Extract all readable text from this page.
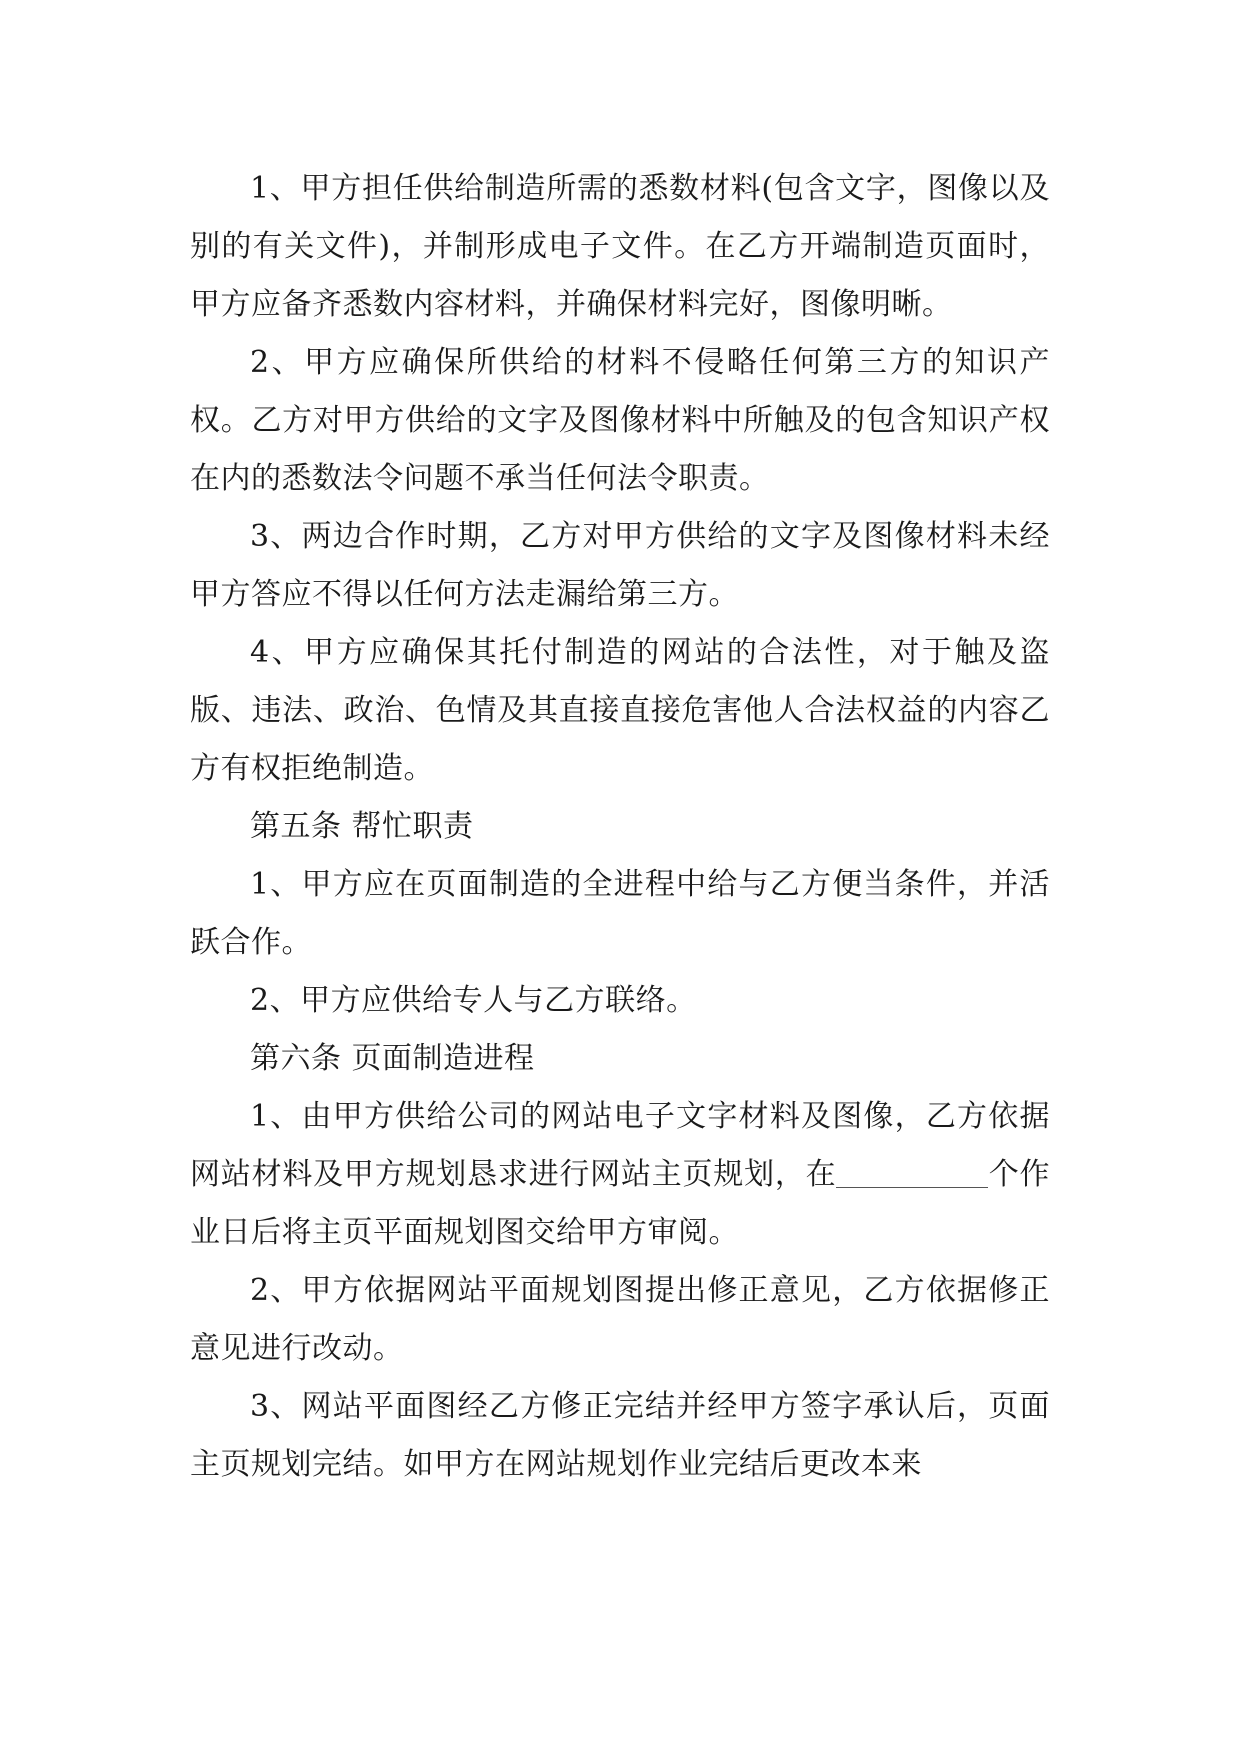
1、甲方担任供给制造所需的悉数材料(包含文字，图像以及别的有关文件)，并制形成电子文件。在乙方开端制造页面时，甲方应备齐悉数内容材料，并确保材料完好，图像明晰。

2、甲方应确保所供给的材料不侵略任何第三方的知识产权。乙方对甲方供给的文字及图像材料中所触及的包含知识产权在内的悉数法令问题不承当任何法令职责。

3、两边合作时期，乙方对甲方供给的文字及图像材料未经甲方答应不得以任何方法走漏给第三方。

4、甲方应确保其托付制造的网站的合法性，对于触及盗版、违法、政治、色情及其直接直接危害他人合法权益的内容乙方有权拒绝制造。

第五条 帮忙职责

1、甲方应在页面制造的全进程中给与乙方便当条件，并活跃合作。

2、甲方应供给专人与乙方联络。

第六条 页面制造进程

1、由甲方供给公司的网站电子文字材料及图像，乙方依据网站材料及甲方规划恳求进行网站主页规划，在	个作业日后将主页平面规划图交给甲方审阅。

2、甲方依据网站平面规划图提出修正意见，乙方依据修正意见进行改动。

3、网站平面图经乙方修正完结并经甲方签字承认后，页面主页规划完结。如甲方在网站规划作业完结后更改本来
